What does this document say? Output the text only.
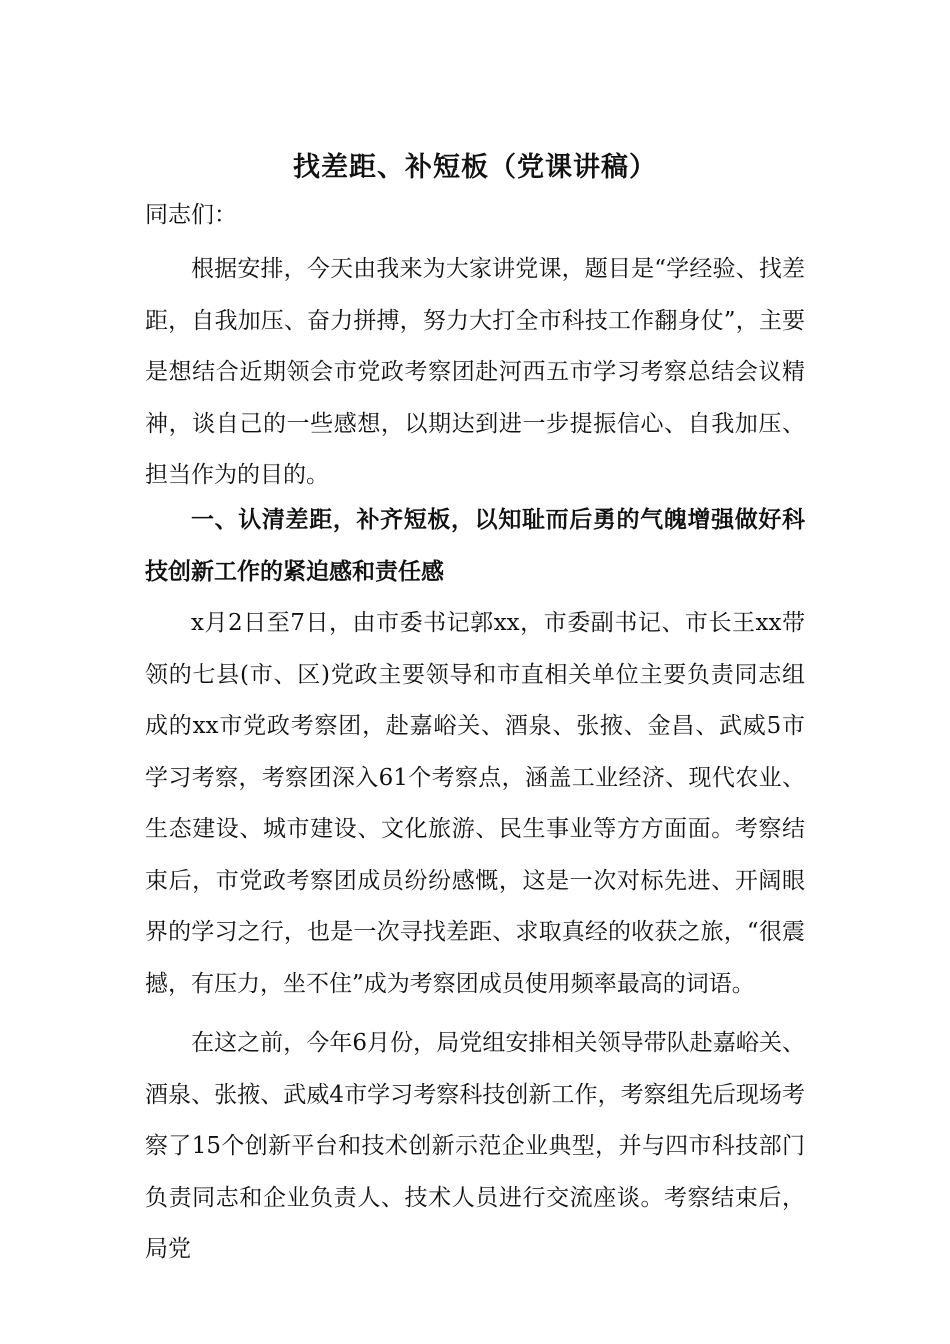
找差距、补短板（党课讲稿）

同志们：

根据安排，今天由我来为大家讲党课，题目是“学经验、找差距，自我加压、奋力拼搏，努力大打全市科技工作翻身仗”，主要是想结合近期领会市党政考察团赴河西五市学习考察总结会议精神，谈自己的一些感想，以期达到进一步提振信心、自我加压、担当作为的目的。

一、认清差距，补齐短板，以知耻而后勇的气魄增强做好科技创新工作的紧迫感和责任感

x月2日至7日，由市委书记郭xx，市委副书记、市长王xx带领的七县(市、区)党政主要领导和市直相关单位主要负责同志组成的xx市党政考察团，赴嘉峪关、酒泉、张掖、金昌、武威5市学习考察，考察团深入61个考察点，涵盖工业经济、现代农业、生态建设、城市建设、文化旅游、民生事业等方方面面。考察结束后，市党政考察团成员纷纷感慨，这是一次对标先进、开阔眼界的学习之行，也是一次寻找差距、求取真经的收获之旅，“很震撼，有压力，坐不住”成为考察团成员使用频率最高的词语。

在这之前，今年6月份，局党组安排相关领导带队赴嘉峪关、酒泉、张掖、武威4市学习考察科技创新工作，考察组先后现场考察了15个创新平台和技术创新示范企业典型，并与四市科技部门负责同志和企业负责人、技术人员进行交流座谈。考察结束后，局党
